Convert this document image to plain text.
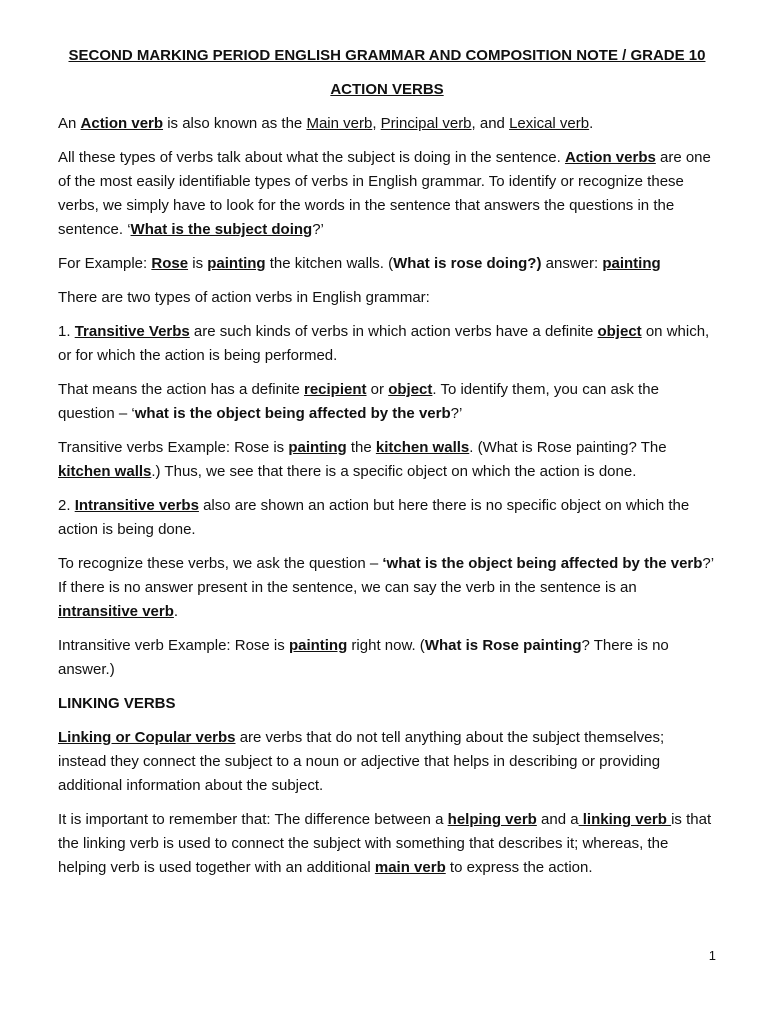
SECOND MARKING PERIOD ENGLISH GRAMMAR AND COMPOSITION NOTE / GRADE 10
ACTION VERBS

An Action verb is also known as the Main verb, Principal verb, and Lexical verb.

All these types of verbs talk about what the subject is doing in the sentence. Action verbs are one of the most easily identifiable types of verbs in English grammar. To identify or recognize these verbs, we simply have to look for the words in the sentence that answers the questions in the sentence. ‘What is the subject doing?’

For Example: Rose is painting the kitchen walls. (What is rose doing?) answer: painting

There are two types of action verbs in English grammar:

1. Transitive Verbs are such kinds of verbs in which action verbs have a definite object on which, or for which the action is being performed.

That means the action has a definite recipient or object. To identify them, you can ask the question – ‘what is the object being affected by the verb?’

Transitive verbs Example: Rose is painting the kitchen walls. (What is Rose painting? The kitchen walls.) Thus, we see that there is a specific object on which the action is done.

2. Intransitive verbs also are shown an action but here there is no specific object on which the action is being done.

To recognize these verbs, we ask the question – ‘what is the object being affected by the verb?’ If there is no answer present in the sentence, we can say the verb in the sentence is an intransitive verb.

Intransitive verb Example: Rose is painting right now. (What is Rose painting? There is no answer.)

LINKING VERBS

Linking or Copular verbs are verbs that do not tell anything about the subject themselves; instead they connect the subject to a noun or adjective that helps in describing or providing additional information about the subject.

It is important to remember that: The difference between a helping verb and a linking verb is that the linking verb is used to connect the subject with something that describes it; whereas, the helping verb is used together with an additional main verb to express the action.

1
